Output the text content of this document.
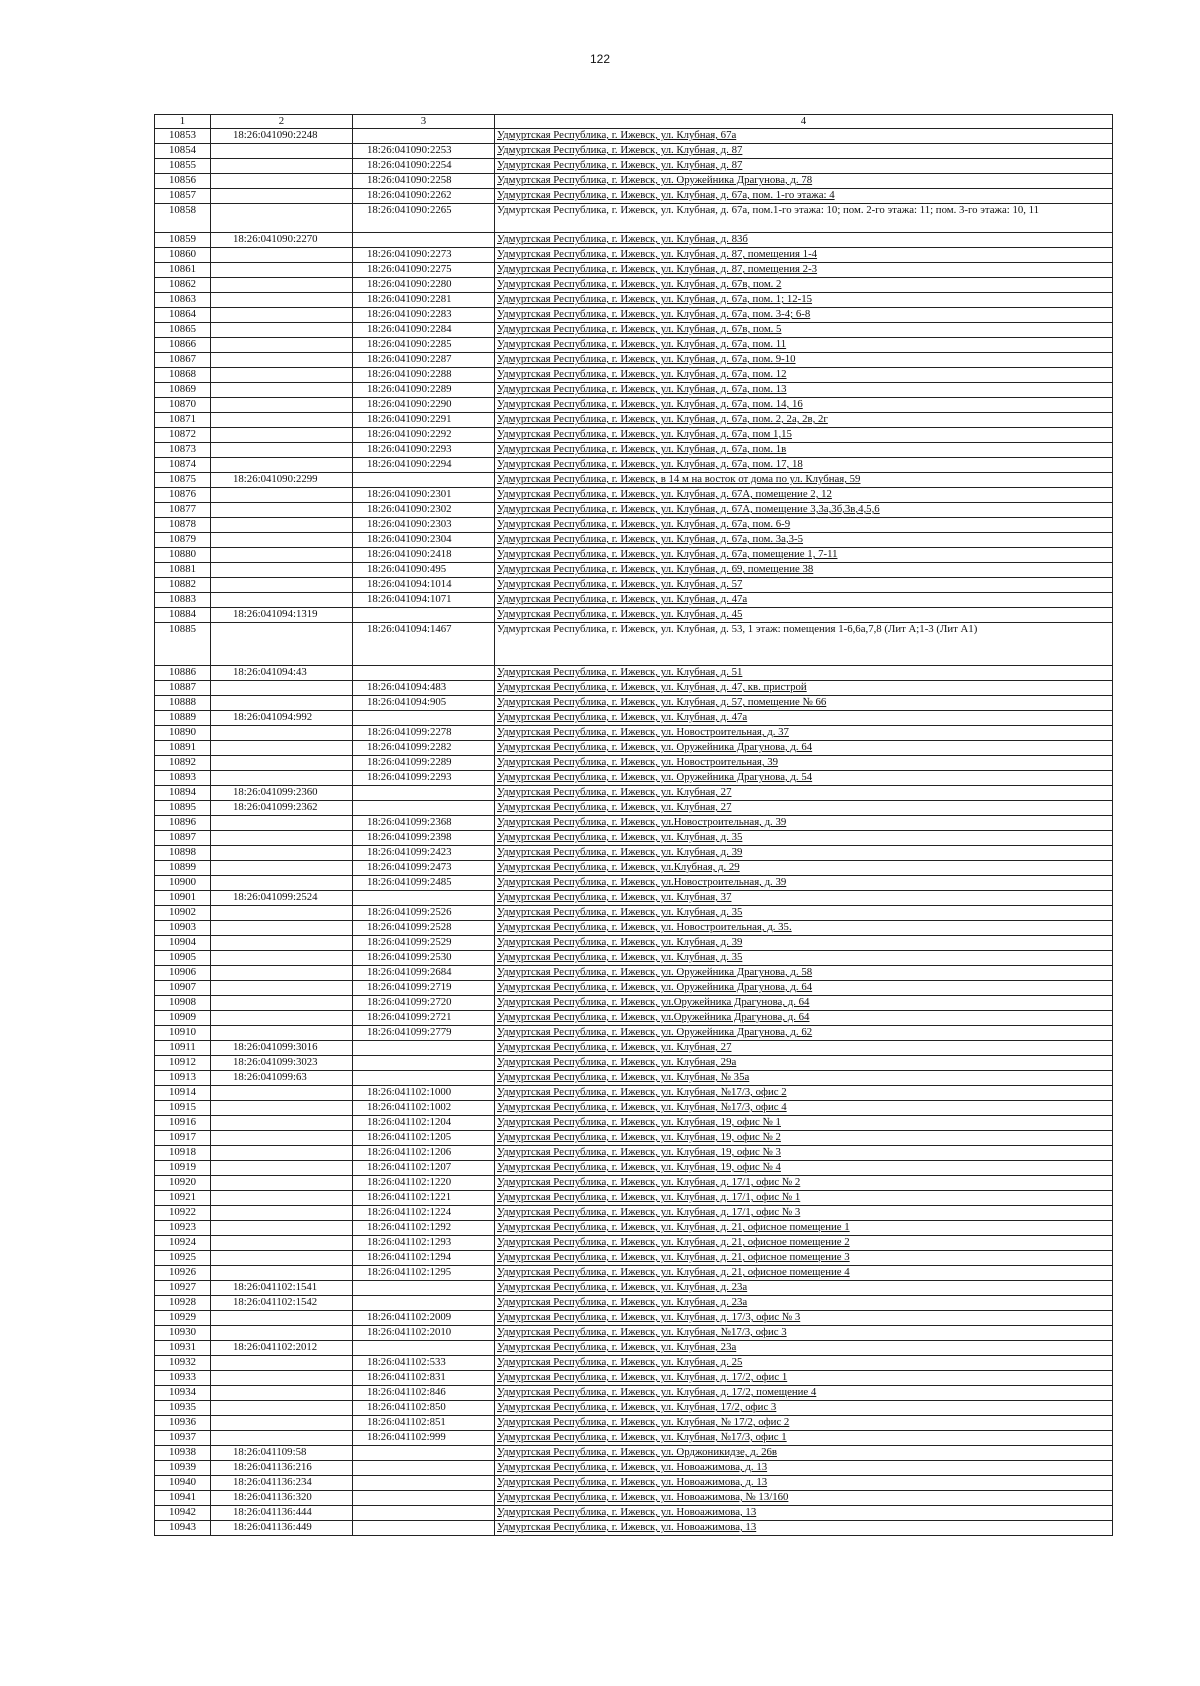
122
1	2	3	4
10853	18:26:041090:2248		Удмуртская Республика, г. Ижевск, ул. Клубная, 67а
10854		18:26:041090:2253	Удмуртская Республика, г. Ижевск, ул. Клубная, д. 87
10855		18:26:041090:2254	Удмуртская Республика, г. Ижевск, ул. Клубная, д. 87
10856		18:26:041090:2258	Удмуртская Республика, г. Ижевск, ул. Оружейника Драгунова, д. 78
10857		18:26:041090:2262	Удмуртская Республика, г. Ижевск, ул. Клубная, д. 67а, пом. 1-го этажа: 4
10858		18:26:041090:2265	Удмуртская Республика, г. Ижевск, ул. Клубная, д. 67а, пом.1-го этажа: 10; пом. 2-го этажа: 11; пом. 3-го этажа: 10, 11
10859	18:26:041090:2270		Удмуртская Республика, г. Ижевск, ул. Клубная, д. 83б
10860		18:26:041090:2273	Удмуртская Республика, г. Ижевск, ул. Клубная, д. 87, помещения 1-4
10861		18:26:041090:2275	Удмуртская Республика, г. Ижевск, ул. Клубная, д. 87, помещения 2-3
10862		18:26:041090:2280	Удмуртская Республика, г. Ижевск, ул. Клубная, д. 67в, пом. 2
10863		18:26:041090:2281	Удмуртская Республика, г. Ижевск, ул. Клубная, д. 67а, пом. 1; 12-15
10864		18:26:041090:2283	Удмуртская Республика, г. Ижевск, ул. Клубная, д. 67а, пом. 3-4; 6-8
10865		18:26:041090:2284	Удмуртская Республика, г. Ижевск, ул. Клубная, д. 67в, пом. 5
10866		18:26:041090:2285	Удмуртская Республика, г. Ижевск, ул. Клубная, д. 67а, пом. 11
10867		18:26:041090:2287	Удмуртская Республика, г. Ижевск, ул. Клубная, д. 67а, пом. 9-10
10868		18:26:041090:2288	Удмуртская Республика, г. Ижевск, ул. Клубная, д. 67а, пом. 12
10869		18:26:041090:2289	Удмуртская Республика, г. Ижевск, ул. Клубная, д. 67а, пом. 13
10870		18:26:041090:2290	Удмуртская Республика, г. Ижевск, ул. Клубная, д. 67а, пом. 14, 16
10871		18:26:041090:2291	Удмуртская Республика, г. Ижевск, ул. Клубная, д. 67а, пом. 2, 2а, 2в, 2г
10872		18:26:041090:2292	Удмуртская Республика, г. Ижевск, ул. Клубная, д. 67а, пом 1,15
10873		18:26:041090:2293	Удмуртская Республика, г. Ижевск, ул. Клубная, д. 67а, пом. 1в
10874		18:26:041090:2294	Удмуртская Республика, г. Ижевск, ул. Клубная, д. 67а, пом. 17, 18
10875	18:26:041090:2299		Удмуртская Республика, г. Ижевск, в 14 м на восток от дома по ул. Клубная, 59
10876		18:26:041090:2301	Удмуртская Республика, г. Ижевск, ул. Клубная, д. 67А, помещение 2, 12
10877		18:26:041090:2302	Удмуртская Республика, г. Ижевск, ул. Клубная, д. 67А, помещение 3,3а,3б,3в,4,5,6
10878		18:26:041090:2303	Удмуртская Республика, г. Ижевск, ул. Клубная, д. 67а, пом. 6-9
10879		18:26:041090:2304	Удмуртская Республика, г. Ижевск, ул. Клубная, д. 67а, пом. 3а,3-5
10880		18:26:041090:2418	Удмуртская Республика, г. Ижевск, ул. Клубная, д. 67а, помещение 1, 7-11
10881		18:26:041090:495	Удмуртская Республика, г. Ижевск, ул. Клубная, д. 69, помещение 38
10882		18:26:041094:1014	Удмуртская Республика, г. Ижевск, ул. Клубная, д. 57
10883		18:26:041094:1071	Удмуртская Республика, г. Ижевск, ул. Клубная, д. 47а
10884	18:26:041094:1319		Удмуртская Республика, г. Ижевск, ул. Клубная, д. 45
10885		18:26:041094:1467	Удмуртская Республика, г. Ижевск, ул. Клубная, д. 53, 1 этаж: помещения 1-6,6а,7,8 (Лит А;1-3 (Лит А1)
10886	18:26:041094:43		Удмуртская Республика, г. Ижевск, ул. Клубная, д. 51
10887		18:26:041094:483	Удмуртская Республика, г. Ижевск, ул. Клубная, д. 47, кв. пристрой
10888		18:26:041094:905	Удмуртская Республика, г. Ижевск, ул. Клубная, д. 57, помещение № 66
10889	18:26:041094:992		Удмуртская Республика, г. Ижевск, ул. Клубная, д. 47а
10890		18:26:041099:2278	Удмуртская Республика, г. Ижевск, ул. Новостроительная, д. 37
10891		18:26:041099:2282	Удмуртская Республика, г. Ижевск, ул. Оружейника Драгунова, д. 64
10892		18:26:041099:2289	Удмуртская Республика, г. Ижевск, ул. Новостроительная, 39
10893		18:26:041099:2293	Удмуртская Республика, г. Ижевск, ул. Оружейника Драгунова, д. 54
10894	18:26:041099:2360		Удмуртская Республика, г. Ижевск, ул. Клубная, 27
10895	18:26:041099:2362		Удмуртская Республика, г. Ижевск, ул. Клубная, 27
10896		18:26:041099:2368	Удмуртская Республика, г. Ижевск, ул.Новостроительная, д. 39
10897		18:26:041099:2398	Удмуртская Республика, г. Ижевск, ул. Клубная, д. 35
10898		18:26:041099:2423	Удмуртская Республика, г. Ижевск, ул. Клубная, д. 39
10899		18:26:041099:2473	Удмуртская Республика, г. Ижевск, ул.Клубная, д. 29
10900		18:26:041099:2485	Удмуртская Республика, г. Ижевск, ул.Новостроительная, д. 39
10901	18:26:041099:2524		Удмуртская Республика, г. Ижевск, ул. Клубная, 37
10902		18:26:041099:2526	Удмуртская Республика, г. Ижевск, ул. Клубная, д. 35
10903		18:26:041099:2528	Удмуртская Республика, г. Ижевск, ул. Новостроительная, д. 35.
10904		18:26:041099:2529	Удмуртская Республика, г. Ижевск, ул. Клубная, д. 39
10905		18:26:041099:2530	Удмуртская Республика, г. Ижевск, ул. Клубная, д. 35
10906		18:26:041099:2684	Удмуртская Республика, г. Ижевск, ул. Оружейника Драгунова, д. 58
10907		18:26:041099:2719	Удмуртская Республика, г. Ижевск, ул. Оружейника Драгунова, д. 64
10908		18:26:041099:2720	Удмуртская Республика, г. Ижевск, ул.Оружейника Драгунова, д. 64
10909		18:26:041099:2721	Удмуртская Республика, г. Ижевск, ул.Оружейника Драгунова, д. 64
10910		18:26:041099:2779	Удмуртская Республика, г. Ижевск, ул. Оружейника Драгунова, д. 62
10911	18:26:041099:3016		Удмуртская Республика, г. Ижевск, ул. Клубная, 27
10912	18:26:041099:3023		Удмуртская Республика, г. Ижевск, ул. Клубная, 29а
10913	18:26:041099:63		Удмуртская Республика, г. Ижевск, ул. Клубная, № 35а
10914		18:26:041102:1000	Удмуртская Республика, г. Ижевск, ул. Клубная, №17/3, офис 2
10915		18:26:041102:1002	Удмуртская Республика, г. Ижевск, ул. Клубная, №17/3, офис 4
10916		18:26:041102:1204	Удмуртская Республика, г. Ижевск, ул. Клубная, 19, офис № 1
10917		18:26:041102:1205	Удмуртская Республика, г. Ижевск, ул. Клубная, 19, офис № 2
10918		18:26:041102:1206	Удмуртская Республика, г. Ижевск, ул. Клубная, 19, офис № 3
10919		18:26:041102:1207	Удмуртская Республика, г. Ижевск, ул. Клубная, 19, офис № 4
10920		18:26:041102:1220	Удмуртская Республика, г. Ижевск, ул. Клубная, д. 17/1, офис № 2
10921		18:26:041102:1221	Удмуртская Республика, г. Ижевск, ул. Клубная, д. 17/1, офис № 1
10922		18:26:041102:1224	Удмуртская Республика, г. Ижевск, ул. Клубная, д. 17/1, офис № 3
10923		18:26:041102:1292	Удмуртская Республика, г. Ижевск, ул. Клубная, д. 21, офисное помещение 1
10924		18:26:041102:1293	Удмуртская Республика, г. Ижевск, ул. Клубная, д. 21, офисное помещение 2
10925		18:26:041102:1294	Удмуртская Республика, г. Ижевск, ул. Клубная, д. 21, офисное помещение 3
10926		18:26:041102:1295	Удмуртская Республика, г. Ижевск, ул. Клубная, д. 21, офисное помещение 4
10927	18:26:041102:1541		Удмуртская Республика, г. Ижевск, ул. Клубная, д. 23а
10928	18:26:041102:1542		Удмуртская Республика, г. Ижевск, ул. Клубная, д. 23а
10929		18:26:041102:2009	Удмуртская Республика, г. Ижевск, ул. Клубная, д. 17/3, офис № 3
10930		18:26:041102:2010	Удмуртская Республика, г. Ижевск, ул. Клубная, №17/3, офис 3
10931	18:26:041102:2012		Удмуртская Республика, г. Ижевск, ул. Клубная, 23а
10932		18:26:041102:533	Удмуртская Республика, г. Ижевск, ул. Клубная, д. 25
10933		18:26:041102:831	Удмуртская Республика, г. Ижевск, ул. Клубная, д. 17/2, офис 1
10934		18:26:041102:846	Удмуртская Республика, г. Ижевск, ул. Клубная, д. 17/2, помещение 4
10935		18:26:041102:850	Удмуртская Республика, г. Ижевск, ул. Клубная, 17/2, офис 3
10936		18:26:041102:851	Удмуртская Республика, г. Ижевск, ул. Клубная, № 17/2, офис 2
10937		18:26:041102:999	Удмуртская Республика, г. Ижевск, ул. Клубная, №17/3, офис 1
10938	18:26:041109:58		Удмуртская Республика, г. Ижевск, ул. Орджоникидзе, д. 26в
10939	18:26:041136:216		Удмуртская Республика, г. Ижевск, ул. Новоажимова, д. 13
10940	18:26:041136:234		Удмуртская Республика, г. Ижевск, ул. Новоажимова, д. 13
10941	18:26:041136:320		Удмуртская Республика, г. Ижевск, ул. Новоажимова, № 13/160
10942	18:26:041136:444		Удмуртская Республика, г. Ижевск, ул. Новоажимова, 13
10943	18:26:041136:449		Удмуртская Республика, г. Ижевск, ул. Новоажимова, 13
